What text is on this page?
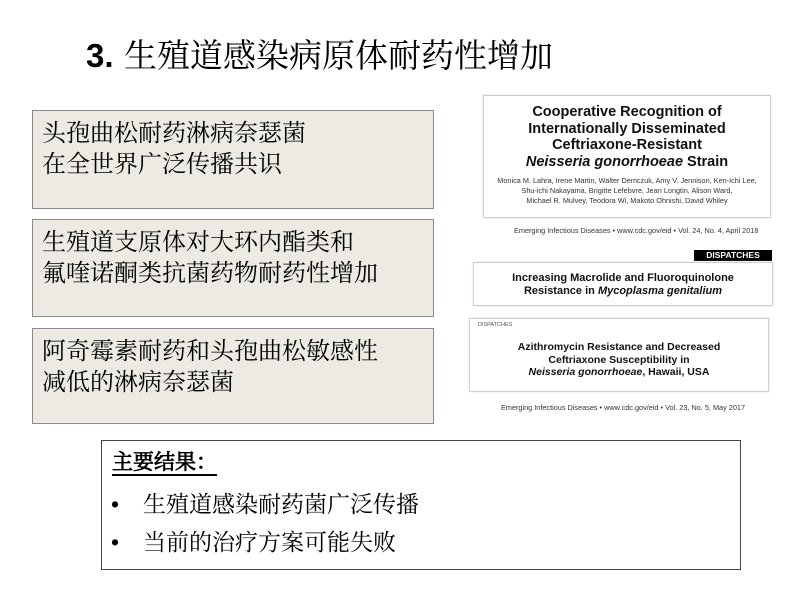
3. 生殖道感染病原体耐药性增加
头孢曲松耐药淋病奈瑟菌
在全世界广泛传播共识
生殖道支原体对大环内酯类和
氟喹诺酮类抗菌药物耐药性增加
阿奇霉素耐药和头孢曲松敏感性
减低的淋病奈瑟菌
Cooperative Recognition of
Internationally Disseminated
Ceftriaxone-Resistant
Neisseria gonorrhoeae Strain
Monica M. Lahra, Irene Martin, Walter Demczuk, Amy V. Jennison, Ken-Ichi Lee,
Shu-ichi Nakayama, Brigitte Lefebvre, Jean Longtin, Alison Ward,
Michael R. Mulvey, Teodora Wi, Makoto Ohnishi, David Whiley
Emerging Infectious Diseases • www.cdc.gov/eid • Vol. 24, No. 4, April 2018
DISPATCHES
Increasing Macrolide and Fluoroquinolone
Resistance in Mycoplasma genitalium
DISPATCHES
Azithromycin Resistance and Decreased
Ceftriaxone Susceptibility in
Neisseria gonorrhoeae, Hawaii, USA
Emerging Infectious Diseases • www.cdc.gov/eid • Vol. 23, No. 5, May 2017
主要结果：
• 生殖道感染耐药菌广泛传播
• 当前的治疗方案可能失败
